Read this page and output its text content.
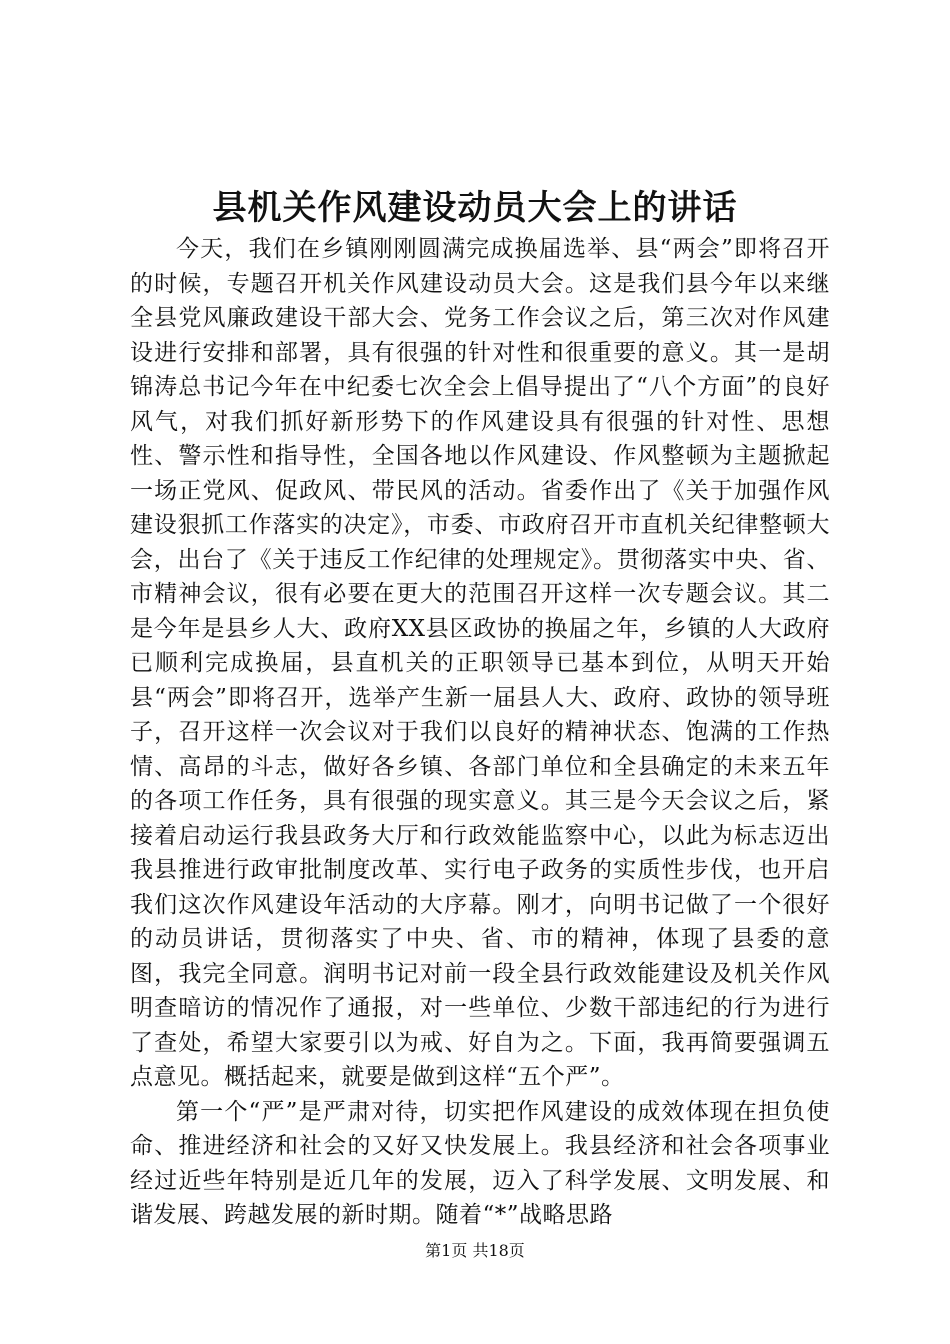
县机关作风建设动员大会上的讲话

今天，我们在乡镇刚刚圆满完成换届选举、县“两会”即将召开的时候，专题召开机关作风建设动员大会。这是我们县今年以来继全县党风廉政建设干部大会、党务工作会议之后，第三次对作风建设进行安排和部署，具有很强的针对性和很重要的意义。其一是胡锦涛总书记今年在中纪委七次全会上倡导提出了“八个方面”的良好风气，对我们抓好新形势下的作风建设具有很强的针对性、思想性、警示性和指导性，全国各地以作风建设、作风整顿为主题掀起一场正党风、促政风、带民风的活动。省委作出了《关于加强作风建设狠抓工作落实的决定》，市委、市政府召开市直机关纪律整顿大会，出台了《关于违反工作纪律的处理规定》。贯彻落实中央、省、市精神会议，很有必要在更大的范围召开这样一次专题会议。其二是今年是县乡人大、政府XX县区政协的换届之年，乡镇的人大政府已顺利完成换届，县直机关的正职领导已基本到位，从明天开始县“两会”即将召开，选举产生新一届县人大、政府、政协的领导班子，召开这样一次会议对于我们以良好的精神状态、饱满的工作热情、高昂的斗志，做好各乡镇、各部门单位和全县确定的未来五年的各项工作任务，具有很强的现实意义。其三是今天会议之后，紧接着启动运行我县政务大厅和行政效能监察中心，以此为标志迈出我县推进行政审批制度改革、实行电子政务的实质性步伐，也开启我们这次作风建设年活动的大序幕。刚才，向明书记做了一个很好的动员讲话，贯彻落实了中央、省、市的精神，体现了县委的意图，我完全同意。润明书记对前一段全县行政效能建设及机关作风明查暗访的情况作了通报，对一些单位、少数干部违纪的行为进行了查处，希望大家要引以为戒、好自为之。下面，我再简要强调五点意见。概括起来，就要是做到这样“五个严”。

第一个“严”是严肃对待，切实把作风建设的成效体现在担负使命、推进经济和社会的又好又快发展上。我县经济和社会各项事业经过近些年特别是近几年的发展，迈入了科学发展、文明发展、和谐发展、跨越发展的新时期。随着“*”战略思路

第1页 共18页
